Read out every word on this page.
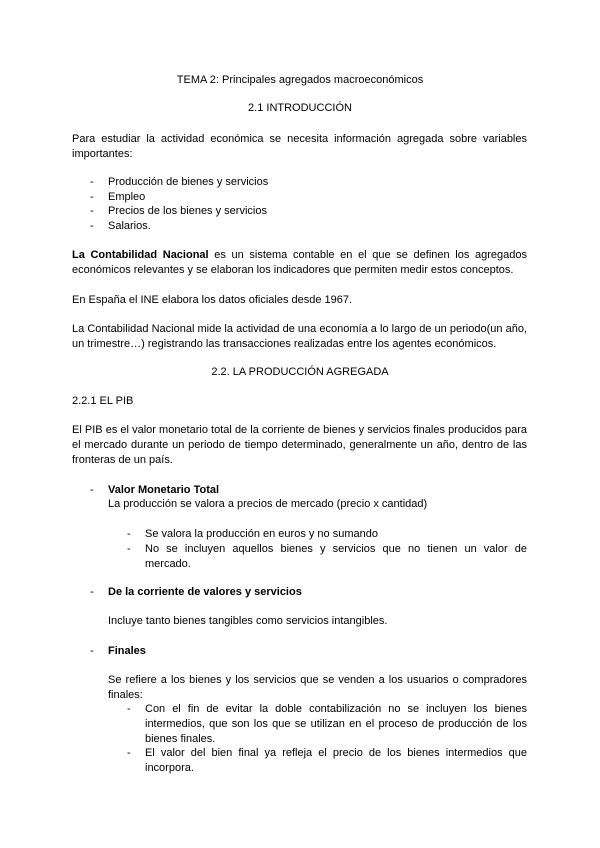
TEMA 2: Principales agregados macroeconómicos
2.1 INTRODUCCIÓN
Para estudiar la actividad económica se necesita información agregada sobre variables importantes:
- Producción de bienes y servicios
- Empleo
- Precios de los bienes y servicios
- Salarios.
La Contabilidad Nacional es un sistema contable en el que se definen los agregados económicos relevantes y se elaboran los indicadores que permiten medir estos conceptos.
En España el INE elabora los datos oficiales desde 1967.
La Contabilidad Nacional mide la actividad de una economía a lo largo de un periodo(un año, un trimestre…) registrando las transacciones realizadas entre los agentes económicos.
2.2. LA PRODUCCIÓN AGREGADA
2.2.1 EL PIB
El PIB es el valor monetario total de la corriente de bienes y servicios finales producidos para el mercado durante un periodo de tiempo determinado, generalmente un año, dentro de las fronteras de un país.
- Valor Monetario Total
La producción se valora a precios de mercado (precio x cantidad)
- Se valora la producción en euros y no sumando
- No se incluyen aquellos bienes y servicios que no tienen un valor de mercado.
- De la corriente de valores y servicios
Incluye tanto bienes tangibles como servicios intangibles.
- Finales
Se refiere a los bienes y los servicios que se venden a los usuarios o compradores finales:
- Con el fin de evitar la doble contabilización no se incluyen los bienes intermedios, que son los que se utilizan en el proceso de producción de los bienes finales.
- El valor del bien final ya refleja el precio de los bienes intermedios que incorpora.
